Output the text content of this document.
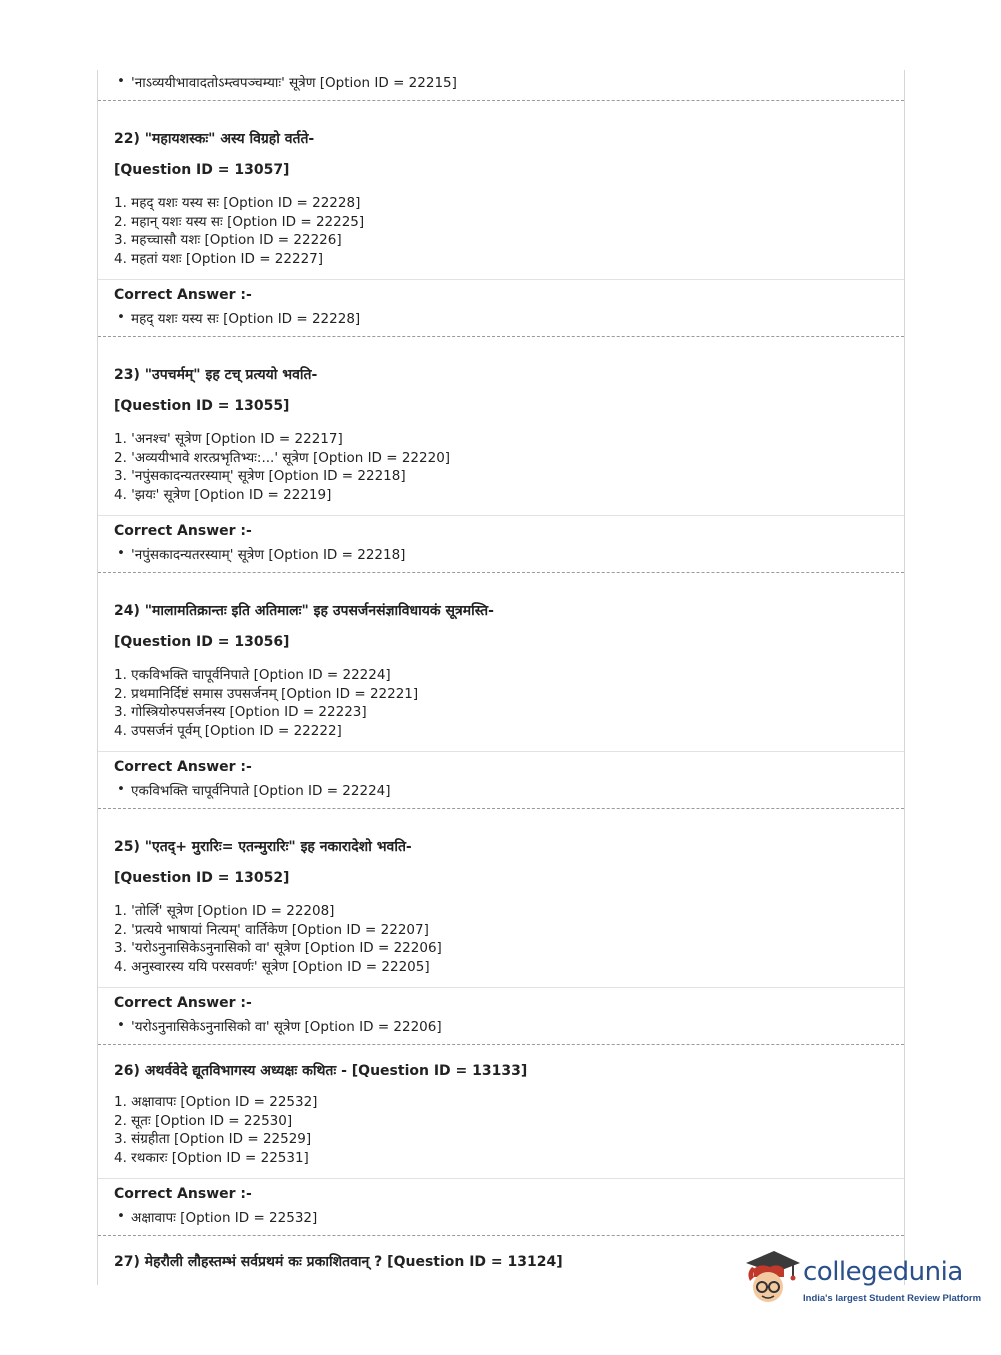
• 'नाऽव्ययीभावादतोऽम्त्वपञ्चम्याः' सूत्रेण [Option ID = 22215]
22) "महायशस्कः" अस्य विग्रहो वर्तते-
[Question ID = 13057]
1. महद् यशः यस्य सः [Option ID = 22228]
2. महान् यशः यस्य सः [Option ID = 22225]
3. महच्चासौ यशः [Option ID = 22226]
4. महतां यशः [Option ID = 22227]
Correct Answer :-
• महद् यशः यस्य सः [Option ID = 22228]
23) "उपचर्मम्" इह टच् प्रत्ययो भवति-
[Question ID = 13055]
1. 'अनश्च' सूत्रेण [Option ID = 22217]
2. 'अव्ययीभावे शरत्प्रभृतिभ्यः:...' सूत्रेण [Option ID = 22220]
3. 'नपुंसकादन्यतरस्याम्' सूत्रेण [Option ID = 22218]
4. 'झयः' सूत्रेण [Option ID = 22219]
Correct Answer :-
• 'नपुंसकादन्यतरस्याम्' सूत्रेण [Option ID = 22218]
24) "मालामतिक्रान्तः इति अतिमालः" इह उपसर्जनसंज्ञाविधायकं सूत्रमस्ति-
[Question ID = 13056]
1. एकविभक्ति चापूर्वनिपाते [Option ID = 22224]
2. प्रथमानिर्दिष्टं समास उपसर्जनम् [Option ID = 22221]
3. गोस्त्रियोरुपसर्जनस्य [Option ID = 22223]
4. उपसर्जनं पूर्वम् [Option ID = 22222]
Correct Answer :-
• एकविभक्ति चापूर्वनिपाते [Option ID = 22224]
25) "एतद्+ मुरारिः= एतन्मुरारिः" इह नकारादेशो भवति-
[Question ID = 13052]
1. 'तोर्लि' सूत्रेण [Option ID = 22208]
2. 'प्रत्यये भाषायां नित्यम्' वार्तिकेण [Option ID = 22207]
3. 'यरोऽनुनासिकेऽनुनासिको वा' सूत्रेण [Option ID = 22206]
4. अनुस्वारस्य ययि परसवर्णः' सूत्रेण [Option ID = 22205]
Correct Answer :-
• 'यरोऽनुनासिकेऽनुनासिको वा' सूत्रेण [Option ID = 22206]
26) अथर्ववेदे द्यूतविभागस्य अध्यक्षः कथितः - [Question ID = 13133]
1. अक्षावापः [Option ID = 22532]
2. सूतः [Option ID = 22530]
3. संग्रहीता [Option ID = 22529]
4. रथकारः [Option ID = 22531]
Correct Answer :-
• अक्षावापः [Option ID = 22532]
27) मेहरौली लौहस्तम्भं सर्वप्रथमं कः प्रकाशितवान् ? [Question ID = 13124]	collegedunia
India's largest Student Review Platform
